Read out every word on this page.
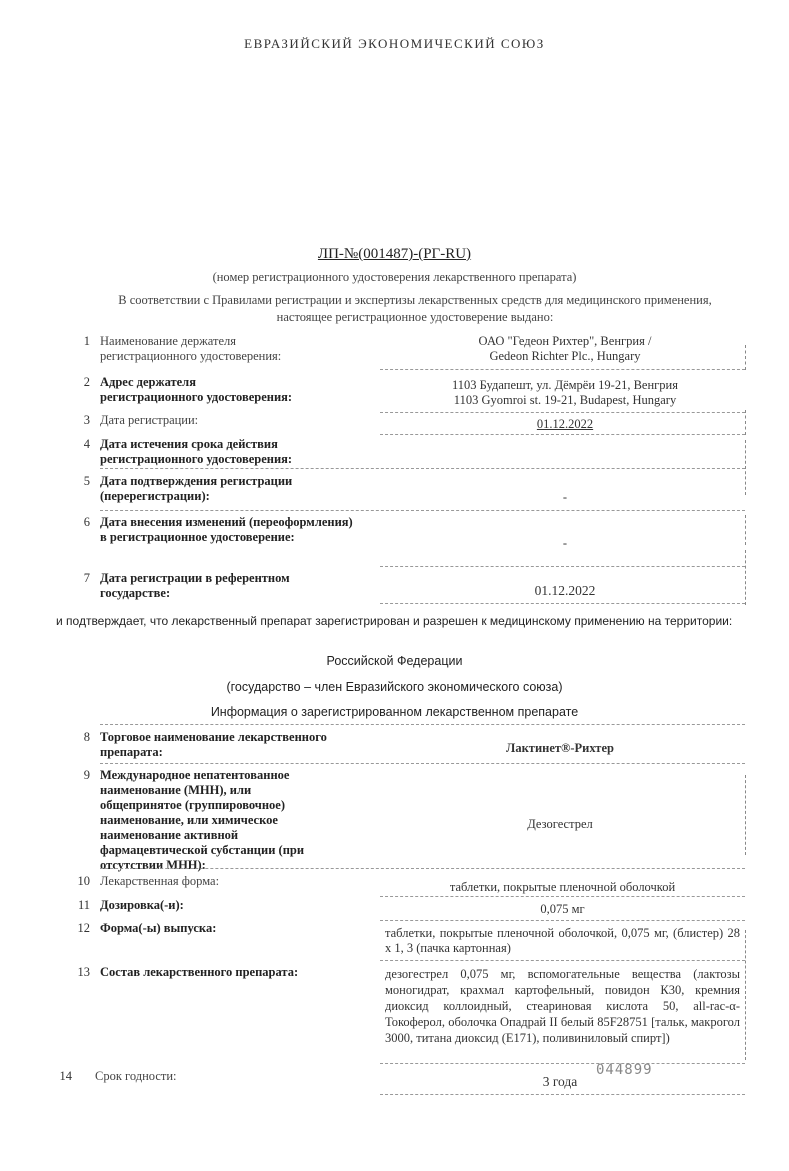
ЕВРАЗИЙСКИЙ ЭКОНОМИЧЕСКИЙ СОЮЗ
ЛП-№(001487)-(РГ-RU)
(номер регистрационного удостоверения лекарственного препарата)
В соответствии с Правилами регистрации и экспертизы лекарственных средств для медицинского применения, настоящее регистрационное удостоверение выдано:
1 Наименование держателя регистрационного удостоверения:
ОАО "Гедеон Рихтер", Венгрия /
Gedeon Richter Plc., Hungary
2 Адрес держателя регистрационного удостоверения:
1103 Будапешт, ул. Дёмрёи 19-21, Венгрия
1103 Gyomroi st. 19-21, Budapest, Hungary
3 Дата регистрации:	01.12.2022
4 Дата истечения срока действия регистрационного удостоверения:
5 Дата подтверждения регистрации (перерегистрации):	-
6 Дата внесения изменений (переоформления) в регистрационное удостоверение:	-
7 Дата регистрации в референтном государстве:	01.12.2022
и подтверждает, что лекарственный препарат зарегистрирован и разрешен к медицинскому применению на территории:
Российской Федерации
(государство – член Евразийского экономического союза)
Информация о зарегистрированном лекарственном препарате
8 Торговое наименование лекарственного препарата:	Лактинет®-Рихтер
9 Международное непатентованное наименование (МНН), или общепринятое (группировочное) наименование, или химическое наименование активной фармацевтической субстанции (при отсутствии МНН):
Дезогестрел
10 Лекарственная форма:	таблетки, покрытые пленочной оболочкой
11 Дозировка(-и):	0,075 мг
12 Форма(-ы) выпуска:	таблетки, покрытые пленочной оболочкой, 0,075 мг, (блистер) 28 x 1, 3 (пачка картонная)
13 Состав лекарственного препарата:	дезогестрел 0,075 мг, вспомогательные вещества (лактозы моногидрат, крахмал картофельный, повидон К30, кремния диоксид коллоидный, стеариновая кислота 50, all-rac-α-Токоферол, оболочка Опадрай II белый 85F28751 [тальк, макрогол 3000, титана диоксид (E171), поливиниловый спирт])
14 Срок годности:	3 года
044899
